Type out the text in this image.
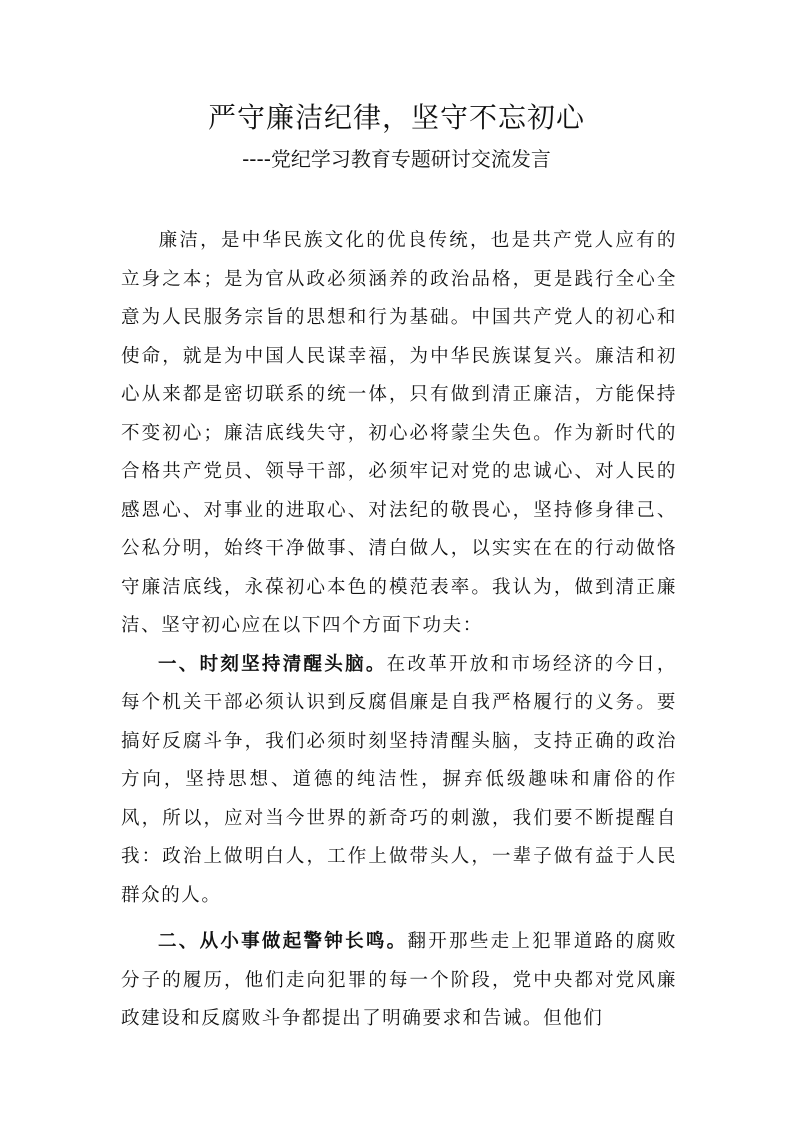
严守廉洁纪律，坚守不忘初心
----党纪学习教育专题研讨交流发言

廉洁，是中华民族文化的优良传统，也是共产党人应有的立身之本；是为官从政必须涵养的政治品格，更是践行全心全意为人民服务宗旨的思想和行为基础。中国共产党人的初心和使命，就是为中国人民谋幸福，为中华民族谋复兴。廉洁和初心从来都是密切联系的统一体，只有做到清正廉洁，方能保持不变初心；廉洁底线失守，初心必将蒙尘失色。作为新时代的合格共产党员、领导干部，必须牢记对党的忠诚心、对人民的感恩心、对事业的进取心、对法纪的敬畏心，坚持修身律己、公私分明，始终干净做事、清白做人，以实实在在的行动做恪守廉洁底线，永葆初心本色的模范表率。我认为，做到清正廉洁、坚守初心应在以下四个方面下功夫：

一、时刻坚持清醒头脑。在改革开放和市场经济的今日，每个机关干部必须认识到反腐倡廉是自我严格履行的义务。要搞好反腐斗争，我们必须时刻坚持清醒头脑，支持正确的政治方向，坚持思想、道德的纯洁性，摒弃低级趣味和庸俗的作风，所以，应对当今世界的新奇巧的刺激，我们要不断提醒自我：政治上做明白人，工作上做带头人，一辈子做有益于人民群众的人。

二、从小事做起警钟长鸣。翻开那些走上犯罪道路的腐败分子的履历，他们走向犯罪的每一个阶段，党中央都对党风廉政建设和反腐败斗争都提出了明确要求和告诫。但他们
